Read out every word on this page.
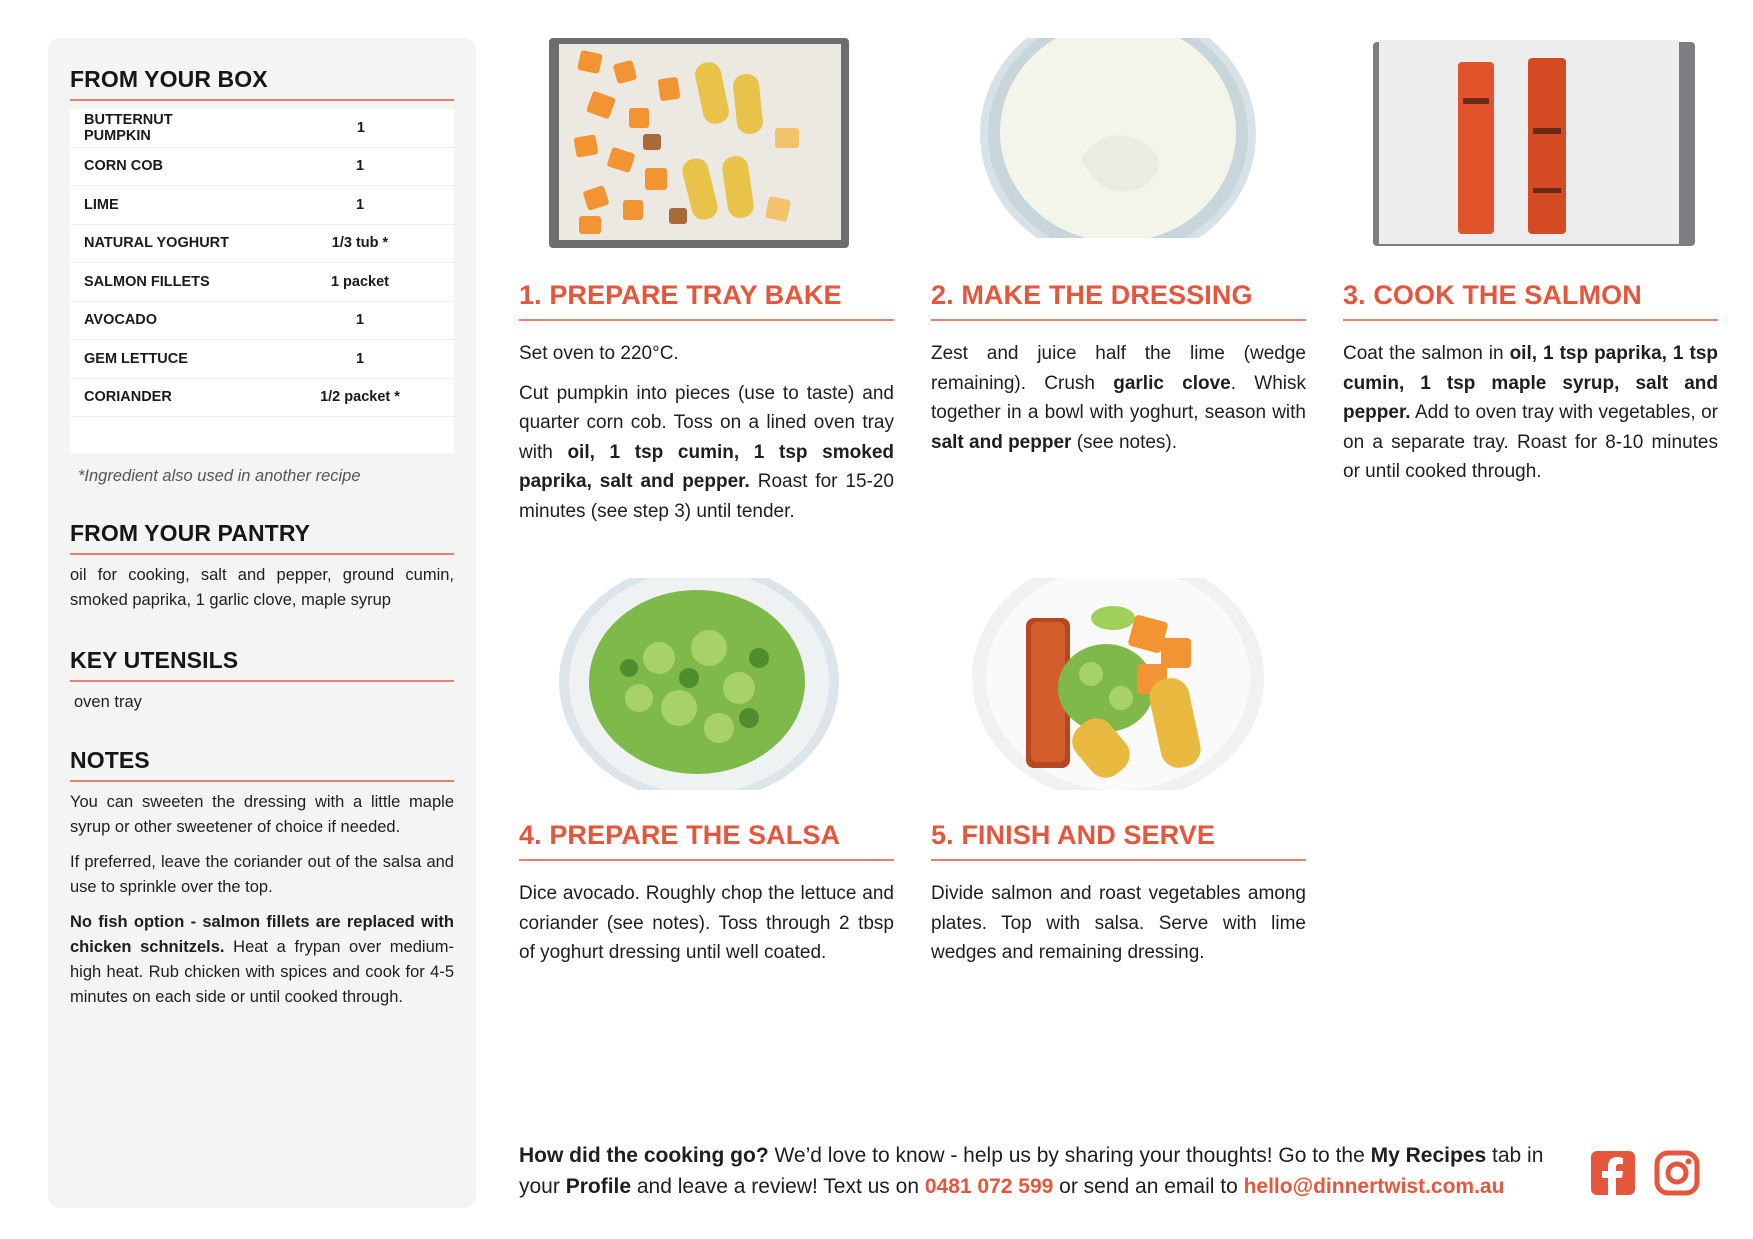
FROM YOUR BOX
BUTTERNUT PUMPKIN	1
CORN COB	1
LIME	1
NATURAL YOGHURT	1/3 tub *
SALMON FILLETS	1 packet
AVOCADO	1
GEM LETTUCE	1
CORIANDER	1/2 packet *

*Ingredient also used in another recipe

FROM YOUR PANTRY

oil for cooking, salt and pepper, ground cumin, smoked paprika, 1 garlic clove, maple syrup

KEY UTENSILS

oven tray

NOTES

You can sweeten the dressing with a little maple syrup or other sweetener of choice if needed.

If preferred, leave the coriander out of the salsa and use to sprinkle over the top.

No fish option - salmon fillets are replaced with chicken schnitzels. Heat a frypan over medium-high heat. Rub chicken with spices and cook for 4-5 minutes on each side or until cooked through.

1. PREPARE TRAY BAKE

Set oven to 220°C.

Cut pumpkin into pieces (use to taste) and quarter corn cob. Toss on a lined oven tray with oil, 1 tsp cumin, 1 tsp smoked paprika, salt and pepper. Roast for 15-20 minutes (see step 3) until tender.

2. MAKE THE DRESSING

Zest and juice half the lime (wedge remaining). Crush garlic clove. Whisk together in a bowl with yoghurt, season with salt and pepper (see notes).

3. COOK THE SALMON

Coat the salmon in oil, 1 tsp paprika, 1 tsp cumin, 1 tsp maple syrup, salt and pepper. Add to oven tray with vegetables, or on a separate tray. Roast for 8-10 minutes or until cooked through.

4. PREPARE THE SALSA

Dice avocado. Roughly chop the lettuce and coriander (see notes). Toss through 2 tbsp of yoghurt dressing until well coated.

5. FINISH AND SERVE

Divide salmon and roast vegetables among plates. Top with salsa. Serve with lime wedges and remaining dressing.

How did the cooking go? We’d love to know - help us by sharing your thoughts! Go to the My Recipes tab in your Profile and leave a review! Text us on 0481 072 599 or send an email to hello@dinnertwist.com.au
